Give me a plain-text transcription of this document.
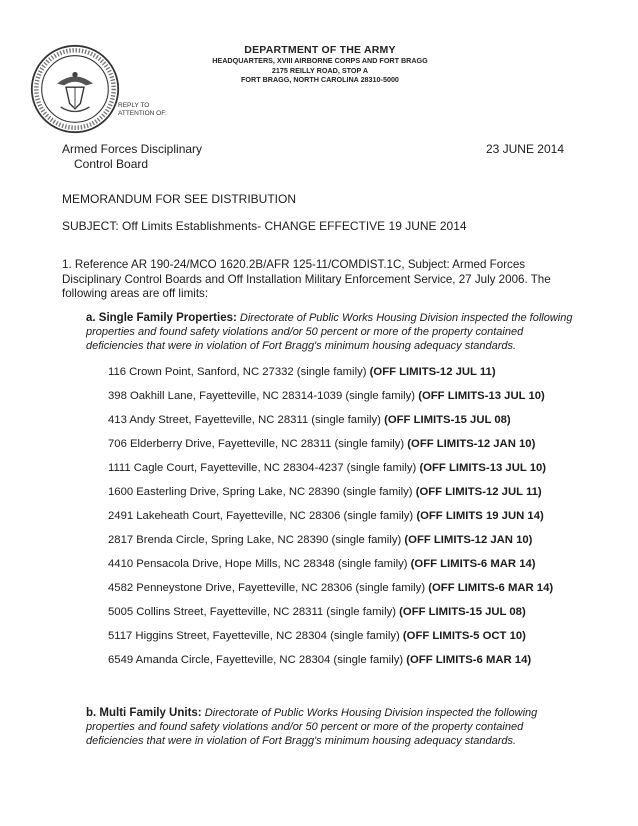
DEPARTMENT OF THE ARMY
HEADQUARTERS, XVIII AIRBORNE CORPS AND FORT BRAGG
2175 REILLY ROAD, STOP A
FORT BRAGG, NORTH CAROLINA 28310-5000
REPLY TO
ATTENTION OF:
Armed Forces Disciplinary
Control Board
23 JUNE 2014
MEMORANDUM FOR SEE DISTRIBUTION
SUBJECT: Off Limits Establishments- CHANGE EFFECTIVE 19 JUNE 2014
1. Reference AR 190-24/MCO 1620.2B/AFR 125-11/COMDIST.1C, Subject: Armed Forces Disciplinary Control Boards and Off Installation Military Enforcement Service, 27 July 2006. The following areas are off limits:
a. Single Family Properties: Directorate of Public Works Housing Division inspected the following properties and found safety violations and/or 50 percent or more of the property contained deficiencies that were in violation of Fort Bragg's minimum housing adequacy standards.
116 Crown Point, Sanford, NC 27332 (single family) (OFF LIMITS-12 JUL 11)
398 Oakhill Lane, Fayetteville, NC 28314-1039 (single family) (OFF LIMITS-13 JUL 10)
413 Andy Street, Fayetteville, NC 28311 (single family) (OFF LIMITS-15 JUL 08)
706 Elderberry Drive, Fayetteville, NC 28311 (single family) (OFF LIMITS-12 JAN 10)
1111 Cagle Court, Fayetteville, NC 28304-4237 (single family) (OFF LIMITS-13 JUL 10)
1600 Easterling Drive, Spring Lake, NC 28390 (single family) (OFF LIMITS-12 JUL 11)
2491 Lakeheath Court, Fayetteville, NC 28306 (single family) (OFF LIMITS 19 JUN 14)
2817 Brenda Circle, Spring Lake, NC 28390 (single family) (OFF LIMITS-12 JAN 10)
4410 Pensacola Drive, Hope Mills, NC 28348 (single family) (OFF LIMITS-6 MAR 14)
4582 Penneystone Drive, Fayetteville, NC 28306 (single family) (OFF LIMITS-6 MAR 14)
5005 Collins Street, Fayetteville, NC 28311 (single family) (OFF LIMITS-15 JUL 08)
5117 Higgins Street, Fayetteville, NC 28304 (single family) (OFF LIMITS-5 OCT 10)
6549 Amanda Circle, Fayetteville, NC 28304 (single family) (OFF LIMITS-6 MAR 14)
b. Multi Family Units: Directorate of Public Works Housing Division inspected the following properties and found safety violations and/or 50 percent or more of the property contained deficiencies that were in violation of Fort Bragg's minimum housing adequacy standards.
